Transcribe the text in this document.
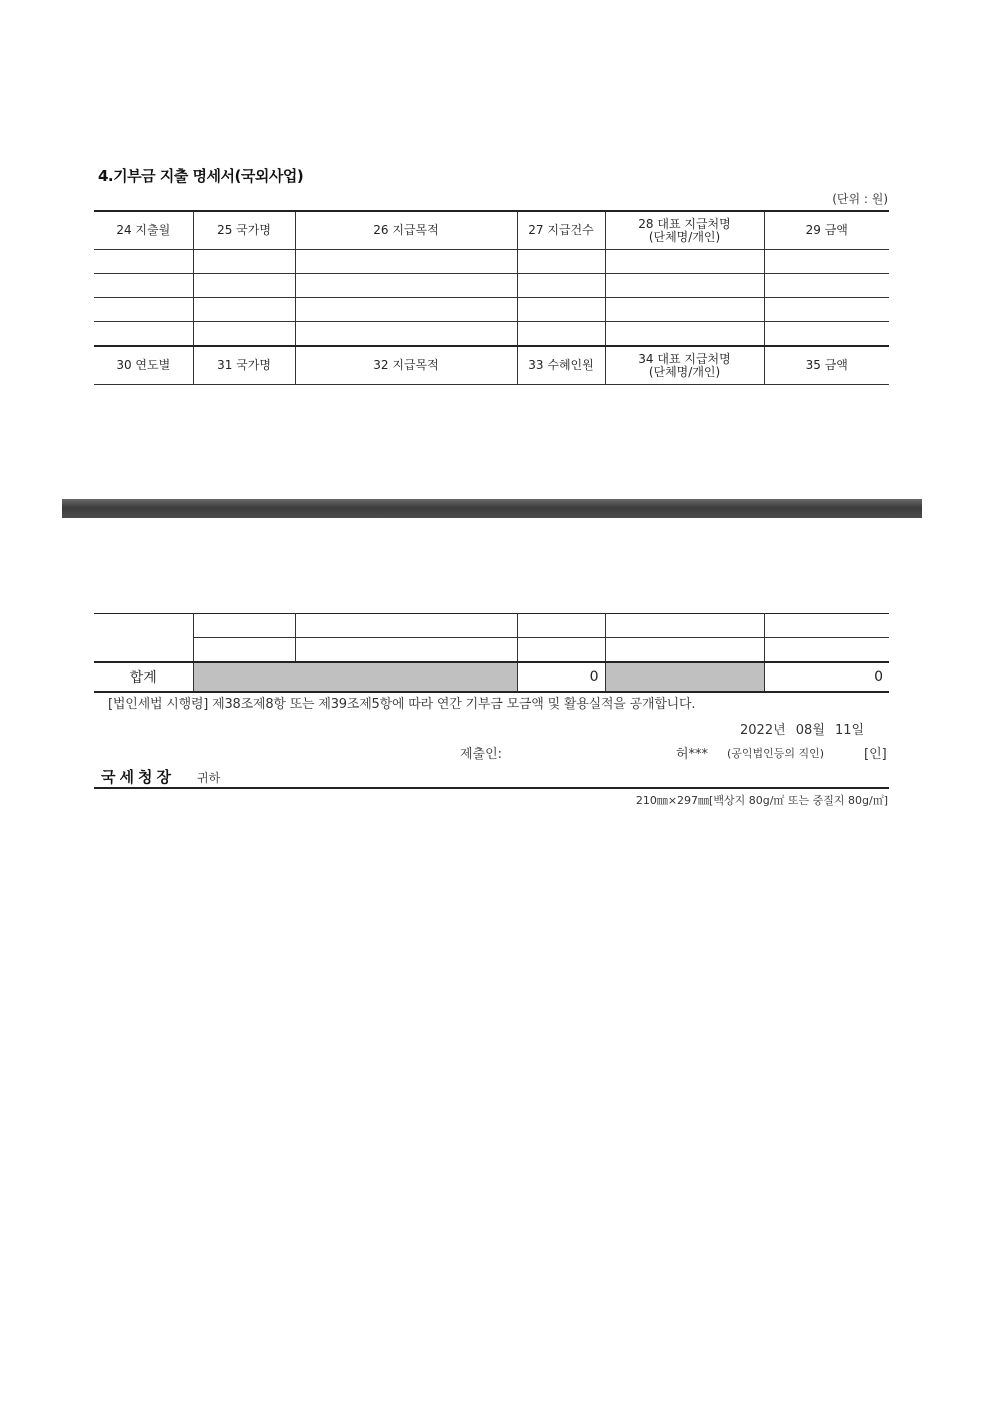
4.기부금 지출 명세서(국외사업)
(단위 : 원)
24 지출월	25 국가명	26 지급목적	27 지급건수	28 대표 지급처명
(단체명/개인)	29 금액

30 연도별	31 국가명	32 지급목적	33 수혜인원	34 대표 지급처명
(단체명/개인)	35 금액

합계			0		0
[법인세법 시행령] 제38조제8항 또는 제39조제5항에 따라 연간 기부금 모금액 및 활용실적을 공개합니다.
2022년 08월 11일
제출인:	허*** (공익법인등의 직인)	[인]
국세청장 귀하
210㎜×297㎜[백상지 80g/㎡ 또는 중질지 80g/㎡]
